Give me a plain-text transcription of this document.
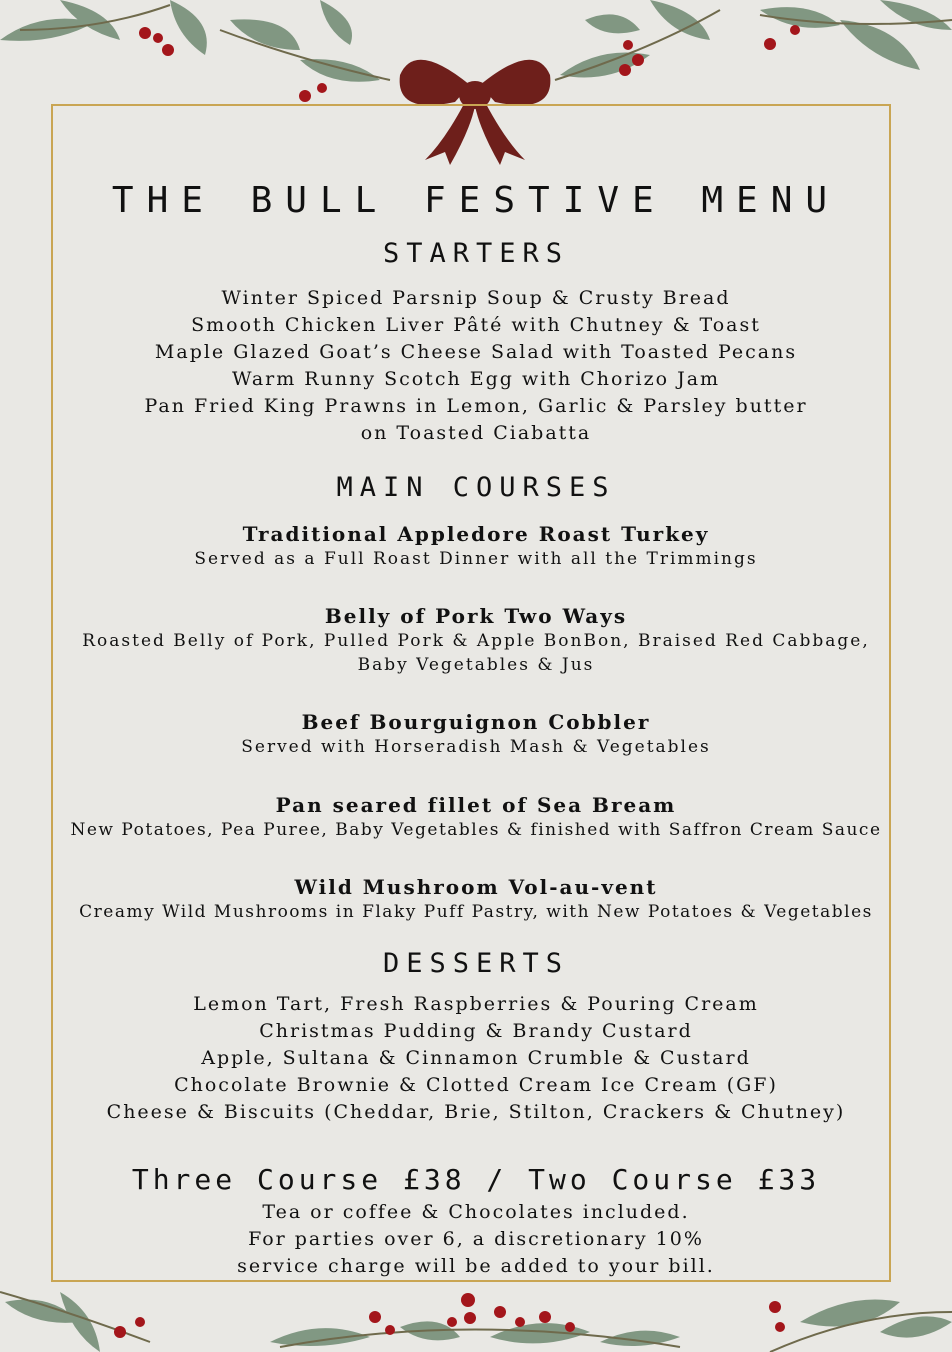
THE BULL FESTIVE MENU
STARTERS
Winter Spiced Parsnip Soup & Crusty Bread
Smooth Chicken Liver Pâté with Chutney & Toast
Maple Glazed Goat’s Cheese Salad with Toasted Pecans
Warm Runny Scotch Egg with Chorizo Jam
Pan Fried King Prawns in Lemon, Garlic & Parsley butter
on Toasted Ciabatta
MAIN COURSES
Traditional Appledore Roast Turkey
Served as a Full Roast Dinner with all the Trimmings
Belly of Pork Two Ways
Roasted Belly of Pork, Pulled Pork & Apple BonBon, Braised Red Cabbage,
Baby Vegetables & Jus
Beef Bourguignon Cobbler
Served with Horseradish Mash & Vegetables
Pan seared fillet of Sea Bream
New Potatoes, Pea Puree, Baby Vegetables & finished with Saffron Cream Sauce
Wild Mushroom Vol-au-vent
Creamy Wild Mushrooms in Flaky Puff Pastry, with New Potatoes & Vegetables
DESSERTS
Lemon Tart, Fresh Raspberries & Pouring Cream
Christmas Pudding & Brandy Custard
Apple, Sultana & Cinnamon Crumble & Custard
Chocolate Brownie & Clotted Cream Ice Cream (GF)
Cheese & Biscuits (Cheddar, Brie, Stilton, Crackers & Chutney)
Three Course £38 / Two Course £33
Tea or coffee & Chocolates included.
For parties over 6, a discretionary 10%
service charge will be added to your bill.
